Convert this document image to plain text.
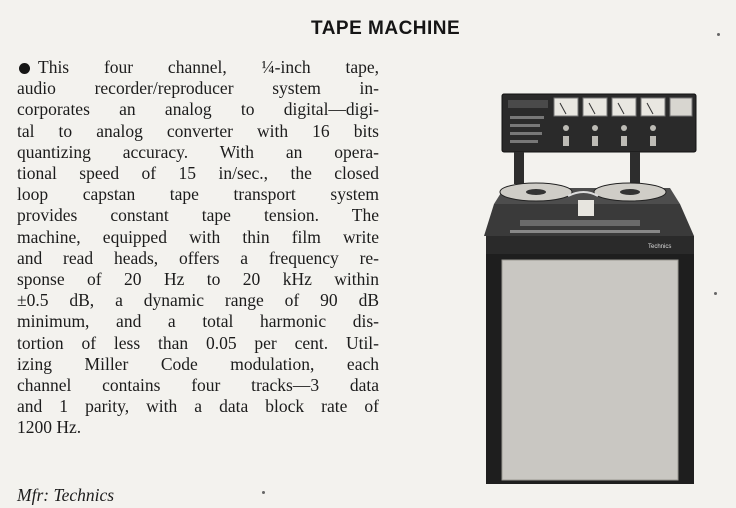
TAPE MACHINE
This four channel, ¼-inch tape,
audio recorder/reproducer system in-
corporates an analog to digital—digi-
tal to analog converter with 16 bits
quantizing accuracy. With an opera-
tional speed of 15 in/sec., the closed
loop capstan tape transport system
provides constant tape tension. The
machine, equipped with thin film write
and read heads, offers a frequency re-
sponse of 20 Hz to 20 kHz within
±0.5 dB, a dynamic range of 90 dB
minimum, and a total harmonic dis-
tortion of less than 0.05 per cent. Util-
izing Miller Code modulation, each
channel contains four tracks—3 data
and 1 parity, with a data block rate of
1200 Hz.

Mfr: Technics

Technics
